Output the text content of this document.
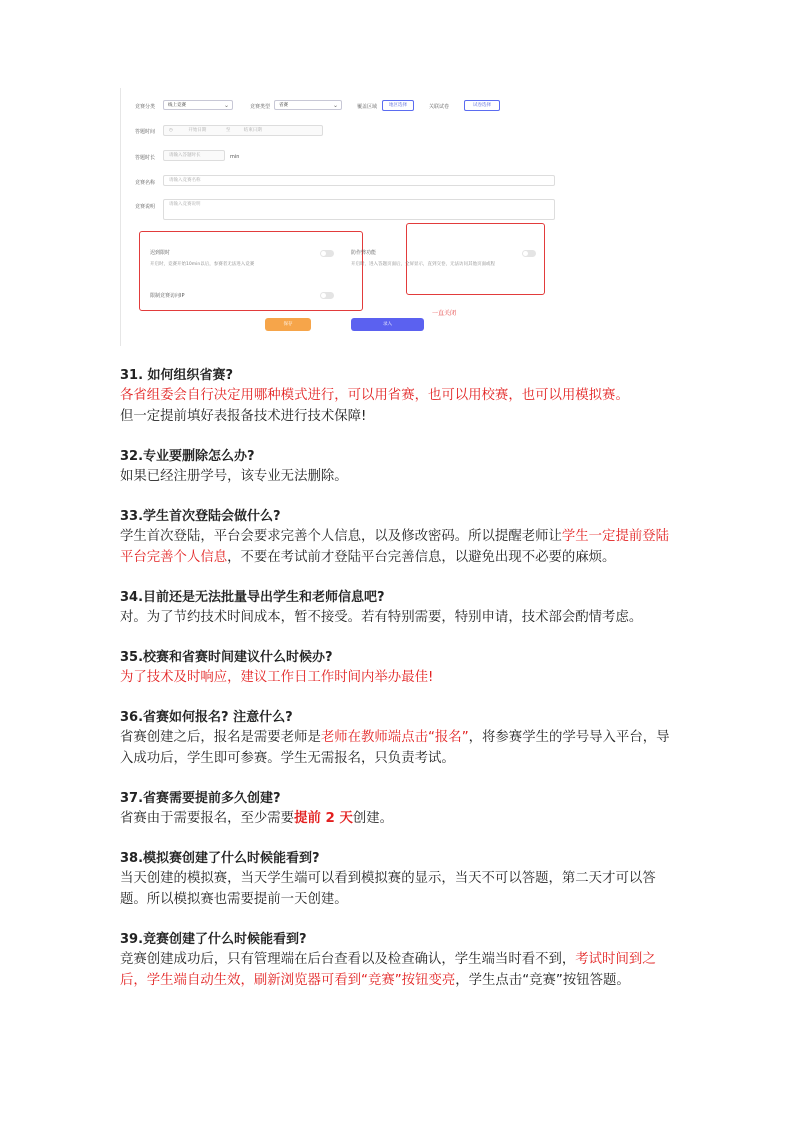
竞赛分类	线上竞赛	⌄	竞赛类型	省赛	⌄	覆盖区域	地区选择	关联试卷	试卷选择
答题时间	◷	开始日期	至	结束日期
答题时长	请输入答题时长	min
竞赛名称	请输入竞赛名称
竞赛说明	请输入竞赛说明
迟到限时
开启时，竞赛开始10min以后，参赛者无法进入竞赛
限制竞赛访问IP
防作弊功能
开启时，进入答题页面后，全屏显示，直到交卷，无法访问其他页面或程
一直关闭
保存	录入
31. 如何组织省赛?
各省组委会自行决定用哪种模式进行，可以用省赛，也可以用校赛，也可以用模拟赛。
但一定提前填好表报备技术进行技术保障!
32.专业要删除怎么办?
如果已经注册学号，该专业无法删除。
33.学生首次登陆会做什么?
学生首次登陆，平台会要求完善个人信息，以及修改密码。所以提醒老师让学生一定提前登陆平台完善个人信息，不要在考试前才登陆平台完善信息，以避免出现不必要的麻烦。
34.目前还是无法批量导出学生和老师信息吧?
对。为了节约技术时间成本，暂不接受。若有特别需要，特别申请，技术部会酌情考虑。
35.校赛和省赛时间建议什么时候办?
为了技术及时响应，建议工作日工作时间内举办最佳!
36.省赛如何报名? 注意什么?
省赛创建之后，报名是需要老师是老师在教师端点击“报名”，将参赛学生的学号导入平台，导入成功后，学生即可参赛。学生无需报名，只负责考试。
37.省赛需要提前多久创建?
省赛由于需要报名，至少需要提前 2 天创建。
38.模拟赛创建了什么时候能看到?
当天创建的模拟赛，当天学生端可以看到模拟赛的显示，当天不可以答题，第二天才可以答题。所以模拟赛也需要提前一天创建。
39.竞赛创建了什么时候能看到?
竞赛创建成功后，只有管理端在后台查看以及检查确认，学生端当时看不到，考试时间到之后，学生端自动生效，刷新浏览器可看到“竞赛”按钮变亮，学生点击“竞赛”按钮答题。
